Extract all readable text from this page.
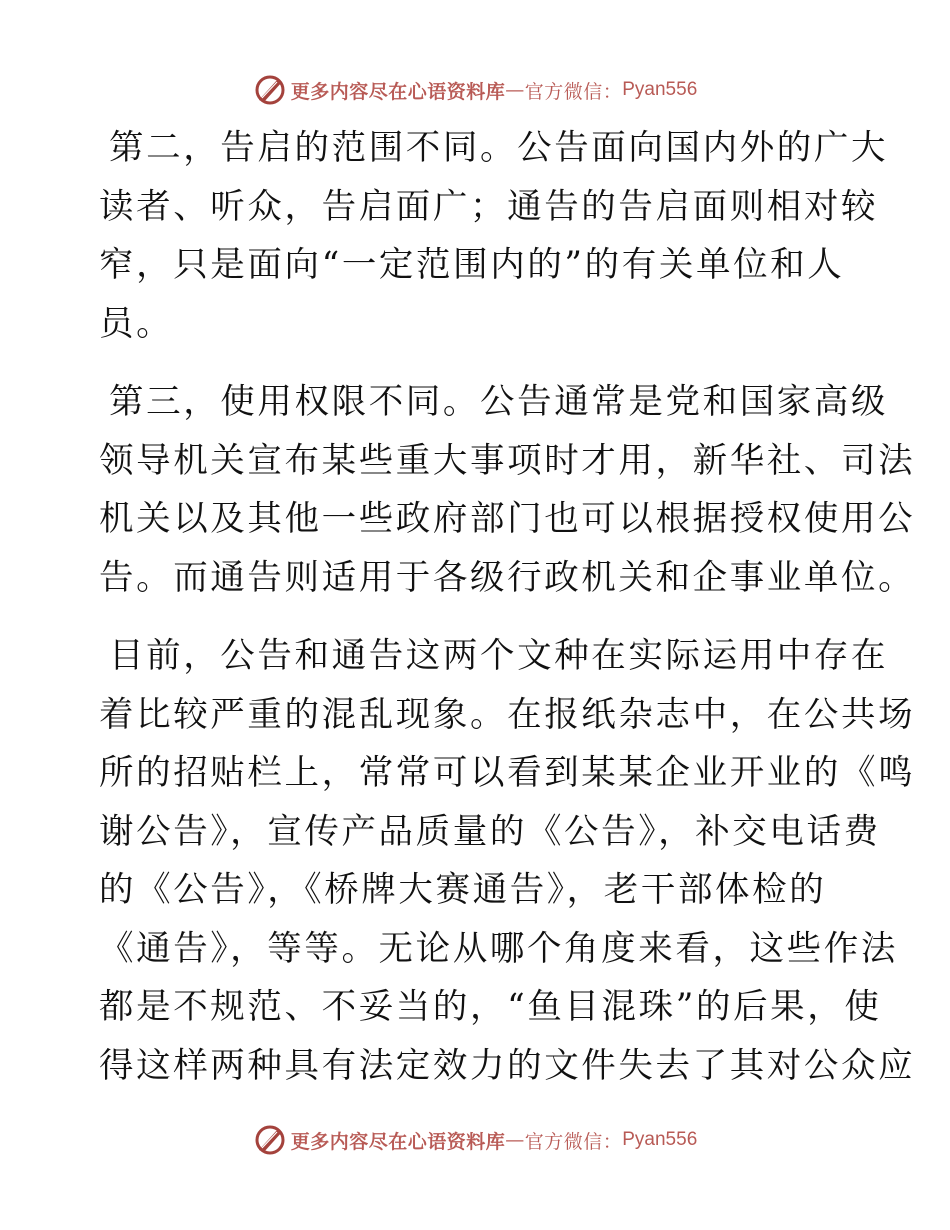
更多内容尽在心语资料库 — 官方微信： Pyan556

第二，告启的范围不同。公告面向国内外的广大
读者、听众，告启面广；通告的告启面则相对较
窄，只是面向“一定范围内的”的有关单位和人
员。

第三，使用权限不同。公告通常是党和国家高级
领导机关宣布某些重大事项时才用，新华社、司法
机关以及其他一些政府部门也可以根据授权使用公
告。而通告则适用于各级行政机关和企事业单位。

目前，公告和通告这两个文种在实际运用中存在
着比较严重的混乱现象。在报纸杂志中，在公共场
所的招贴栏上，常常可以看到某某企业开业的《鸣
谢公告》，宣传产品质量的《公告》，补交电话费
的《公告》，《桥牌大赛通告》，老干部体检的
《通告》，等等。无论从哪个角度来看，这些作法
都是不规范、不妥当的，“鱼目混珠”的后果，使
得这样两种具有法定效力的文件失去了其对公众应

更多内容尽在心语资料库 — 官方微信： Pyan556
